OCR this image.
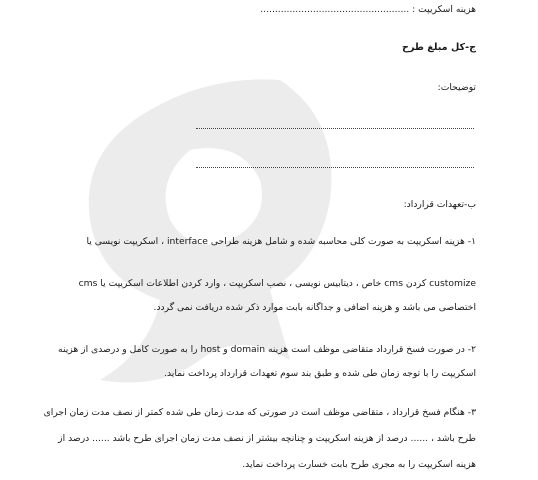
هزینه اسکریپت : ...................................................
ج-کل مبلغ طرح
توضیحات:
ب-تعهدات قرارداد:
۱- هزینه اسکریپت به صورت کلی محاسبه شده و شامل هزینه طراحی interface ، اسکریپت نویسی یا
customize کردن cms خاص ، دیتابیس نویسی ، نصب اسکریپت ، وارد کردن اطلاعات اسکریپت یا cms
اختصاصی می باشد و هزینه اضافی و جداگانه بابت موارد ذکر شده دریافت نمی گردد.
۲- در صورت فسخ قرارداد متقاضی موظف است هزینه domain و host را به صورت کامل و درصدی از هزینه
اسکریپت را با توجه زمان طی شده و طبق بند سوم تعهدات قرارداد پرداخت نماید.
۳- هنگام فسخ قرارداد ، متقاضی موظف است در صورتی که مدت زمان طی شده کمتر از نصف مدت زمان اجرای
طرح باشد ، ...... درصد از هزینه اسکریپت و چنانچه بیشتر از نصف مدت زمان اجرای طرح باشد ...... درصد از
هزینه اسکریپت را به مجری طرح بابت خسارت پرداخت نماید.
